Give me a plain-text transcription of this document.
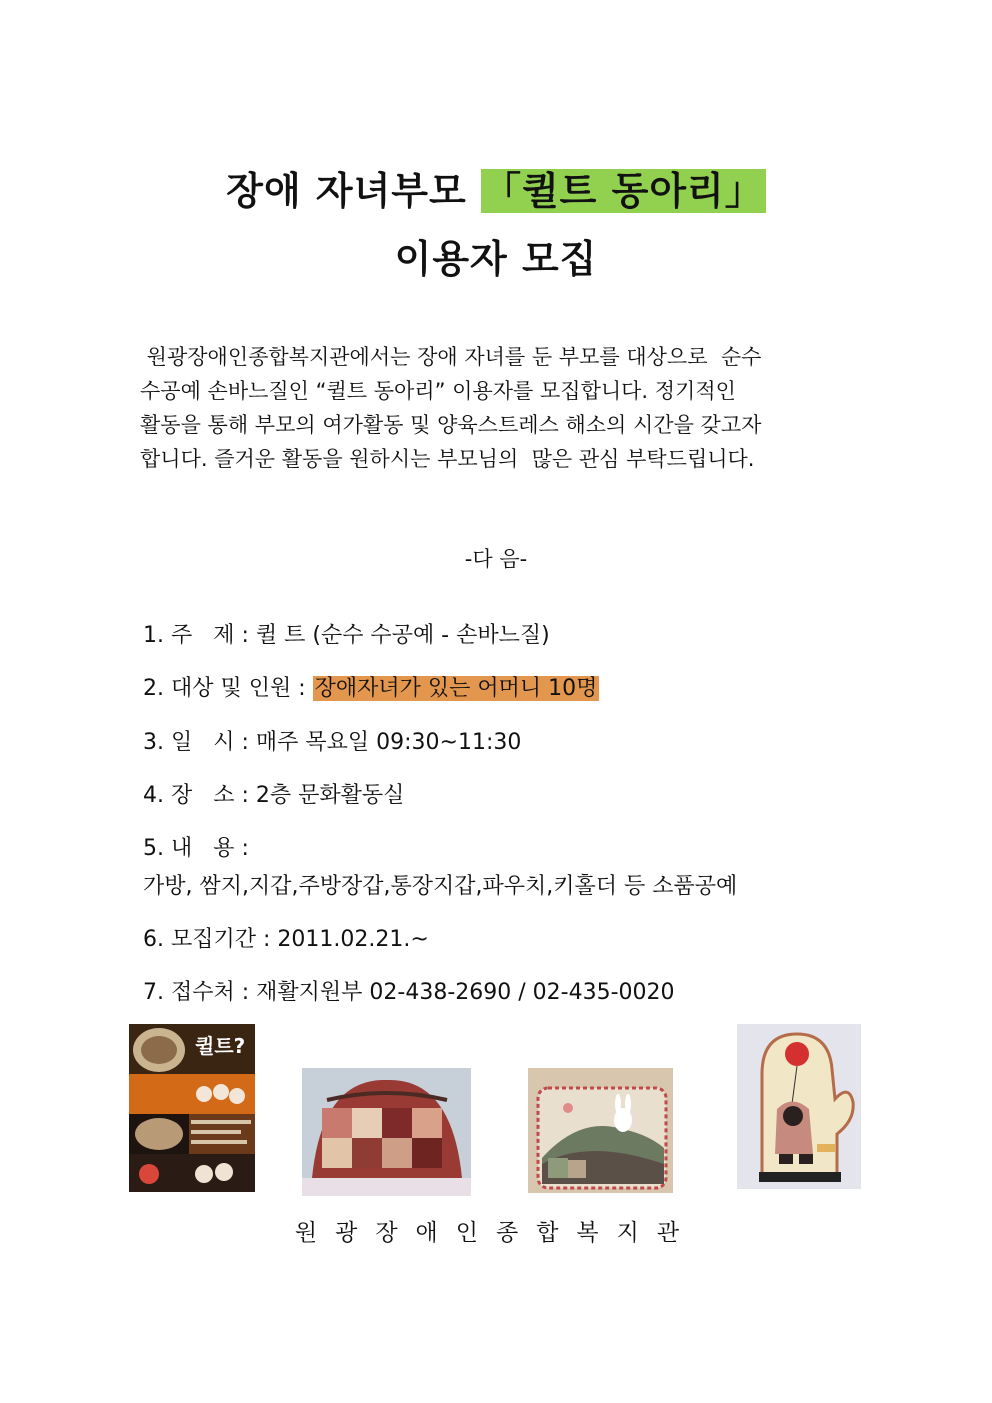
장애 자녀부모 「퀼트 동아리」
이용자 모집

원광장애인종합복지관에서는 장애 자녀를 둔 부모를 대상으로  순수

수공예 손바느질인 “퀼트 동아리” 이용자를 모집합니다. 정기적인

활동을 통해 부모의 여가활동 및 양육스트레스 해소의 시간을 갖고자

합니다. 즐거운 활동을 원하시는 부모님의  많은 관심 부탁드립니다.

-다 음-
1. 주   제 : 퀼 트 (순수 수공예 - 손바느질)
2. 대상 및 인원 : 장애자녀가 있는 어머니 10명
3. 일   시 : 매주 목요일 09:30~11:30
4. 장   소 : 2층 문화활동실
5. 내   용 :
가방, 쌈지,지갑,주방장갑,통장지갑,파우치,키홀더 등 소품공예
6. 모집기간 : 2011.02.21.~
7. 접수처 : 재활지원부 02-438-2690 / 02-435-0020
퀼트?
원광장애인종합복지관
